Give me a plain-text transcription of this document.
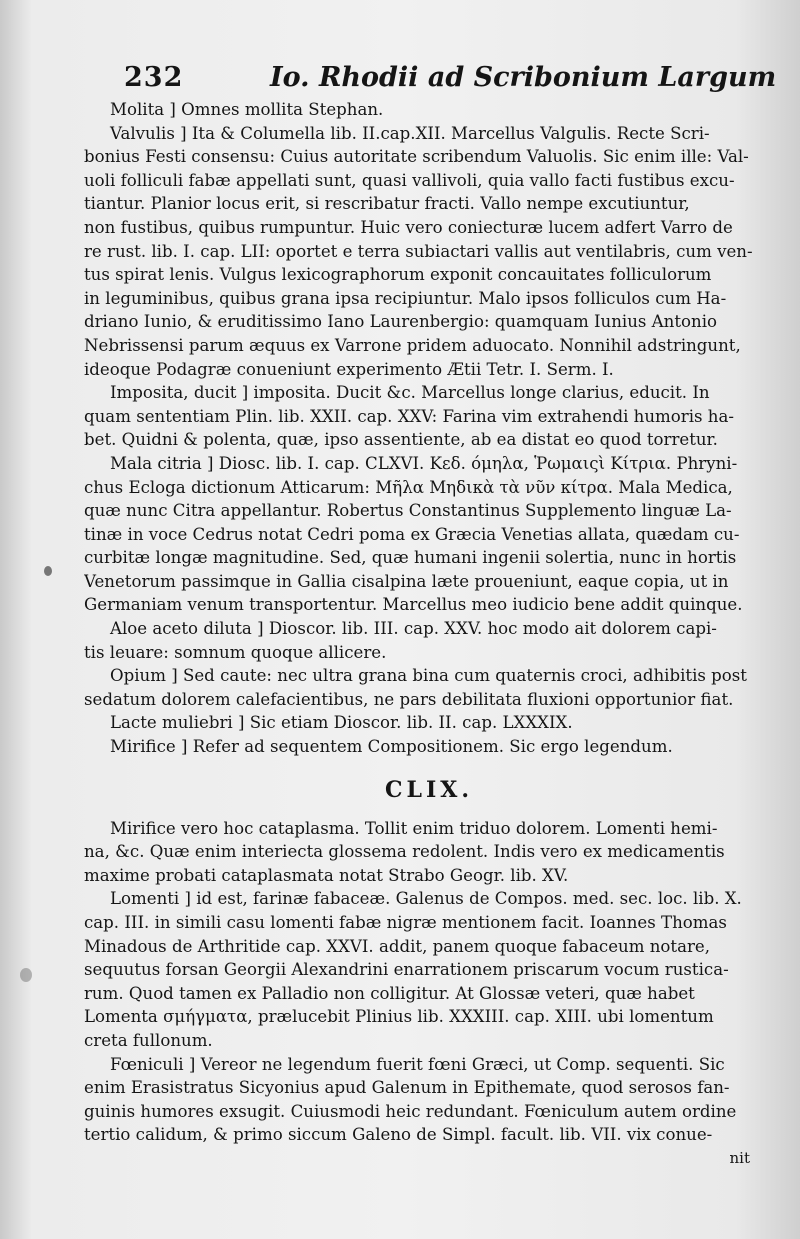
232	Io. Rhodii ad Scribonium Largum

Molita ] Omnes mollita Stephan.

Valvulis ] Ita & Columella lib. II.cap.XII. Marcellus Valgulis. Recte Scri-
bonius Festi consensu: Cuius autoritate scribendum Valuolis. Sic enim ille: Val-
uoli folliculi fabæ appellati sunt, quasi vallivoli, quia vallo facti fustibus excu-
tiantur. Planior locus erit, si rescribatur fracti. Vallo nempe excutiuntur,
non fustibus, quibus rumpuntur. Huic vero coniecturæ lucem adfert Varro de
re rust. lib. I. cap. LII: oportet e terra subiactari vallis aut ventilabris, cum ven-
tus spirat lenis. Vulgus lexicographorum exponit concauitates folliculorum
in leguminibus, quibus grana ipsa recipiuntur. Malo ipsos folliculos cum Ha-
driano Iunio, & eruditissimo Iano Laurenbergio: quamquam Iunius Antonio
Nebrissensi parum æquus ex Varrone pridem aduocato. Nonnihil adstringunt,
ideoque Podagræ conueniunt experimento Ætii Tetr. I. Serm. I.

Imposita, ducit ] imposita. Ducit &c. Marcellus longe clarius, educit. In
quam sententiam Plin. lib. XXII. cap. XXV: Farina vim extrahendi humoris ha-
bet. Quidni & polenta, quæ, ipso assentiente, ab ea distat eo quod torretur.

Mala citria ] Diosc. lib. I. cap. CLXVI. Κεδ. όμηλα, Ῥωμαιςὶ Κίτρια. Phryni-
chus Ecloga dictionum Atticarum: Μῆλα Μηδικὰ τὰ νῦν κίτρα. Mala Medica,
quæ nunc Citra appellantur. Robertus Constantinus Supplemento linguæ La-
tinæ in voce Cedrus notat Cedri poma ex Græcia Venetias allata, quædam cu-
curbitæ longæ magnitudine. Sed, quæ humani ingenii solertia, nunc in hortis
Venetorum passimque in Gallia cisalpina læte proueniunt, eaque copia, ut in
Germaniam venum transportentur. Marcellus meo iudicio bene addit quinque.

Aloe aceto diluta ] Dioscor. lib. III. cap. XXV. hoc modo ait dolorem capi-
tis leuare: somnum quoque allicere.

Opium ] Sed caute: nec ultra grana bina cum quaternis croci, adhibitis post
sedatum dolorem calefacientibus, ne pars debilitata fluxioni opportunior fiat.

Lacte muliebri ] Sic etiam Dioscor. lib. II. cap. LXXXIX.

Mirifice ] Refer ad sequentem Compositionem. Sic ergo legendum.

CLIX.

Mirifice vero hoc cataplasma. Tollit enim triduo dolorem. Lomenti hemi-
na, &c. Quæ enim interiecta glossema redolent. Indis vero ex medicamentis
maxime probati cataplasmata notat Strabo Geogr. lib. XV.

Lomenti ] id est, farinæ fabaceæ. Galenus de Compos. med. sec. loc. lib. X.
cap. III. in simili casu lomenti fabæ nigræ mentionem facit. Ioannes Thomas
Minadous de Arthritide cap. XXVI. addit, panem quoque fabaceum notare,
sequutus forsan Georgii Alexandrini enarrationem priscarum vocum rustica-
rum. Quod tamen ex Palladio non colligitur. At Glossæ veteri, quæ habet
Lomenta σμήγματα, prælucebit Plinius lib. XXXIII. cap. XIII. ubi lomentum
creta fullonum.

Fœniculi ] Vereor ne legendum fuerit fœni Græci, ut Comp. sequenti. Sic
enim Erasistratus Sicyonius apud Galenum in Epithemate, quod serosos fan-
guinis humores exsugit. Cuiusmodi heic redundant. Fœniculum autem ordine
tertio calidum, & primo siccum Galeno de Simpl. facult. lib. VII. vix conue-

nit
